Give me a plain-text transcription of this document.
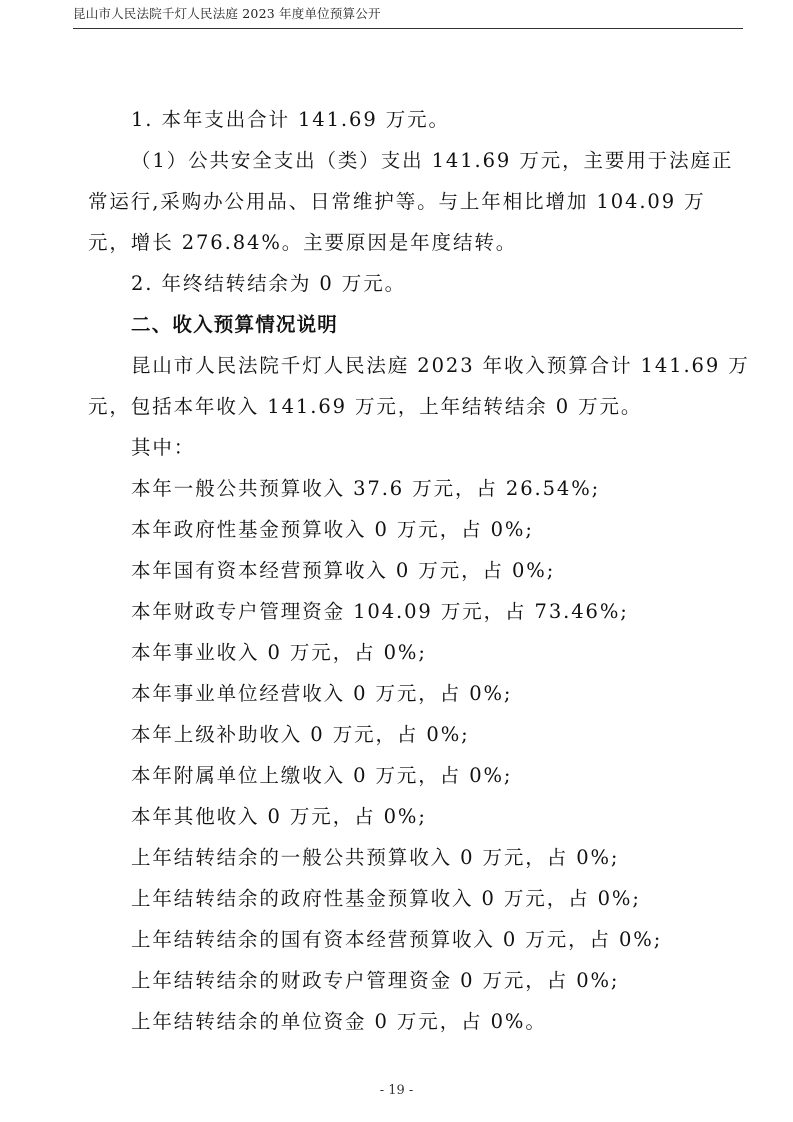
昆山市人民法院千灯人民法庭 2023 年度单位预算公开
1. 本年支出合计 141.69 万元。
（1）公共安全支出（类）支出 141.69 万元，主要用于法庭正
常运行,采购办公用品、日常维护等。与上年相比增加 104.09 万
元，增长 276.84%。主要原因是年度结转。
2. 年终结转结余为 0 万元。
二、收入预算情况说明
昆山市人民法院千灯人民法庭 2023 年收入预算合计 141.69 万
元，包括本年收入 141.69 万元，上年结转结余 0 万元。
其中：
本年一般公共预算收入 37.6 万元，占 26.54%;
本年政府性基金预算收入 0 万元，占 0%;
本年国有资本经营预算收入 0 万元，占 0%;
本年财政专户管理资金 104.09 万元，占 73.46%;
本年事业收入 0 万元，占 0%;
本年事业单位经营收入 0 万元，占 0%;
本年上级补助收入 0 万元，占 0%;
本年附属单位上缴收入 0 万元，占 0%;
本年其他收入 0 万元，占 0%;
上年结转结余的一般公共预算收入 0 万元，占 0%;
上年结转结余的政府性基金预算收入 0 万元，占 0%;
上年结转结余的国有资本经营预算收入 0 万元，占 0%;
上年结转结余的财政专户管理资金 0 万元，占 0%;
上年结转结余的单位资金 0 万元，占 0%。
- 19 -
